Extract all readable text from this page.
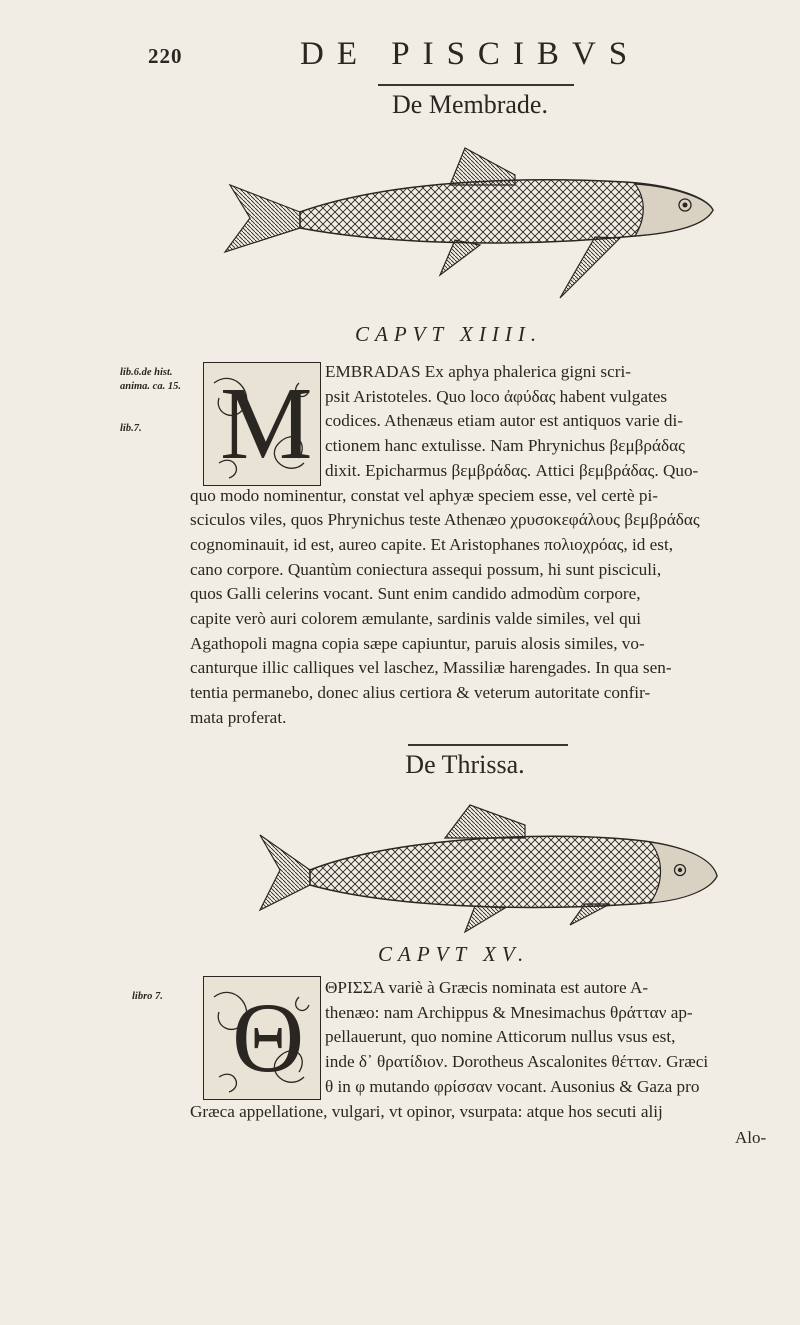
220	DE PISCIBVS
De Membrade.
CAPVT XIIII.
lib.6.de hist.
anima. ca. 15.
lib.7. M EMBRADAS Ex aphya phalerica gigni scri-
psit Aristoteles. Quo loco ἀφύδας habent vulgates
codices. Athenæus etiam autor est antiquos varie di-
ctionem hanc extulisse. Nam Phrynichus βεμβράδας
dixit. Epicharmus βεμβράδας. Attici βεμβράδας. Quo-
quo modo nominentur, constat vel aphyæ speciem esse, vel certè pi-
sciculos viles, quos Phrynichus teste Athenæo χρυσοκεφάλους βεμβράδας
cognominauit, id est, aureo capite. Et Aristophanes πολιοχρόας, id est,
cano corpore. Quantùm coniectura assequi possum, hi sunt pisciculi,
quos Galli celerins vocant. Sunt enim candido admodùm corpore,
capite verò auri colorem æmulante, sardinis valde similes, vel qui
Agathopoli magna copia sæpe capiuntur, paruis alosis similes, vo-
canturque illic calliques vel laschez, Massiliæ harengades. In qua sen-
tentia permanebo, donec alius certiora & veterum autoritate confir-
mata proferat.
De Thrissa.
CAPVT XV.
libro 7. Θ	ΘΡΙΣΣΑ variè à Græcis nominata est autore A-
thenæo: nam Archippus & Mnesimachus θράτταν ap-
pellauerunt, quo nomine Atticorum nullus vsus est,
inde δ᾽ θρατίδιον. Dorotheus Ascalonites θέτταν. Græci
θ in φ mutando φρίσσαν vocant. Ausonius & Gaza pro
Græca appellatione, vulgari, vt opinor, vsurpata: atque hos secuti alij
Alo-
